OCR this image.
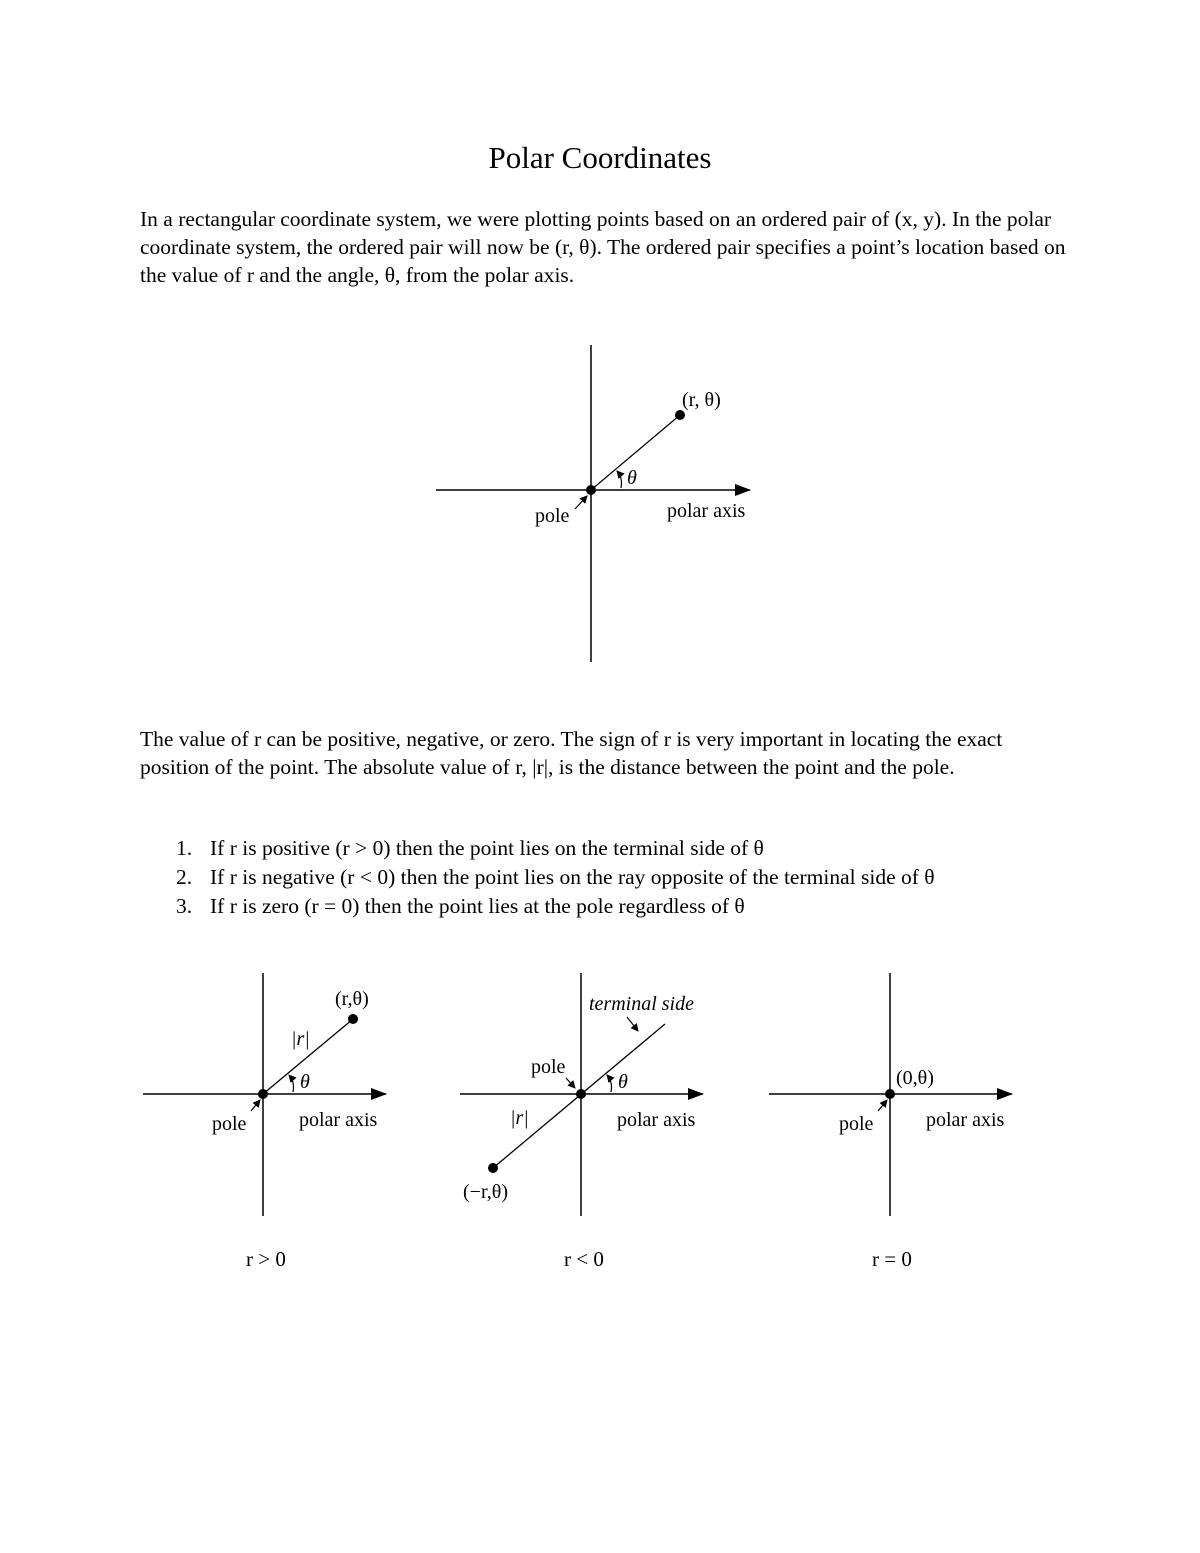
Polar Coordinates

In a rectangular coordinate system, we were plotting points based on an ordered pair of (x, y). In the polar coordinate system, the ordered pair will now be (r, θ). The ordered pair specifies a point’s location based on the value of r and the angle, θ, from the polar axis.

The value of r can be positive, negative, or zero. The sign of r is very important in locating the exact position of the point. The absolute value of r, |r|, is the distance between the point and the pole.

1. If r is positive (r > 0) then the point lies on the terminal side of θ
2. If r is negative (r < 0) then the point lies on the ray opposite of the terminal side of θ
3. If r is zero (r = 0) then the point lies at the pole regardless of θ
(r, θ)
θ
pole	polar axis
(r,θ)
|r|
θ
pole	polar axis
r > 0
terminal side
pole
θ
|r|
(−r,θ)
polar axis
r < 0
(0,θ)
pole	polar axis
r = 0
